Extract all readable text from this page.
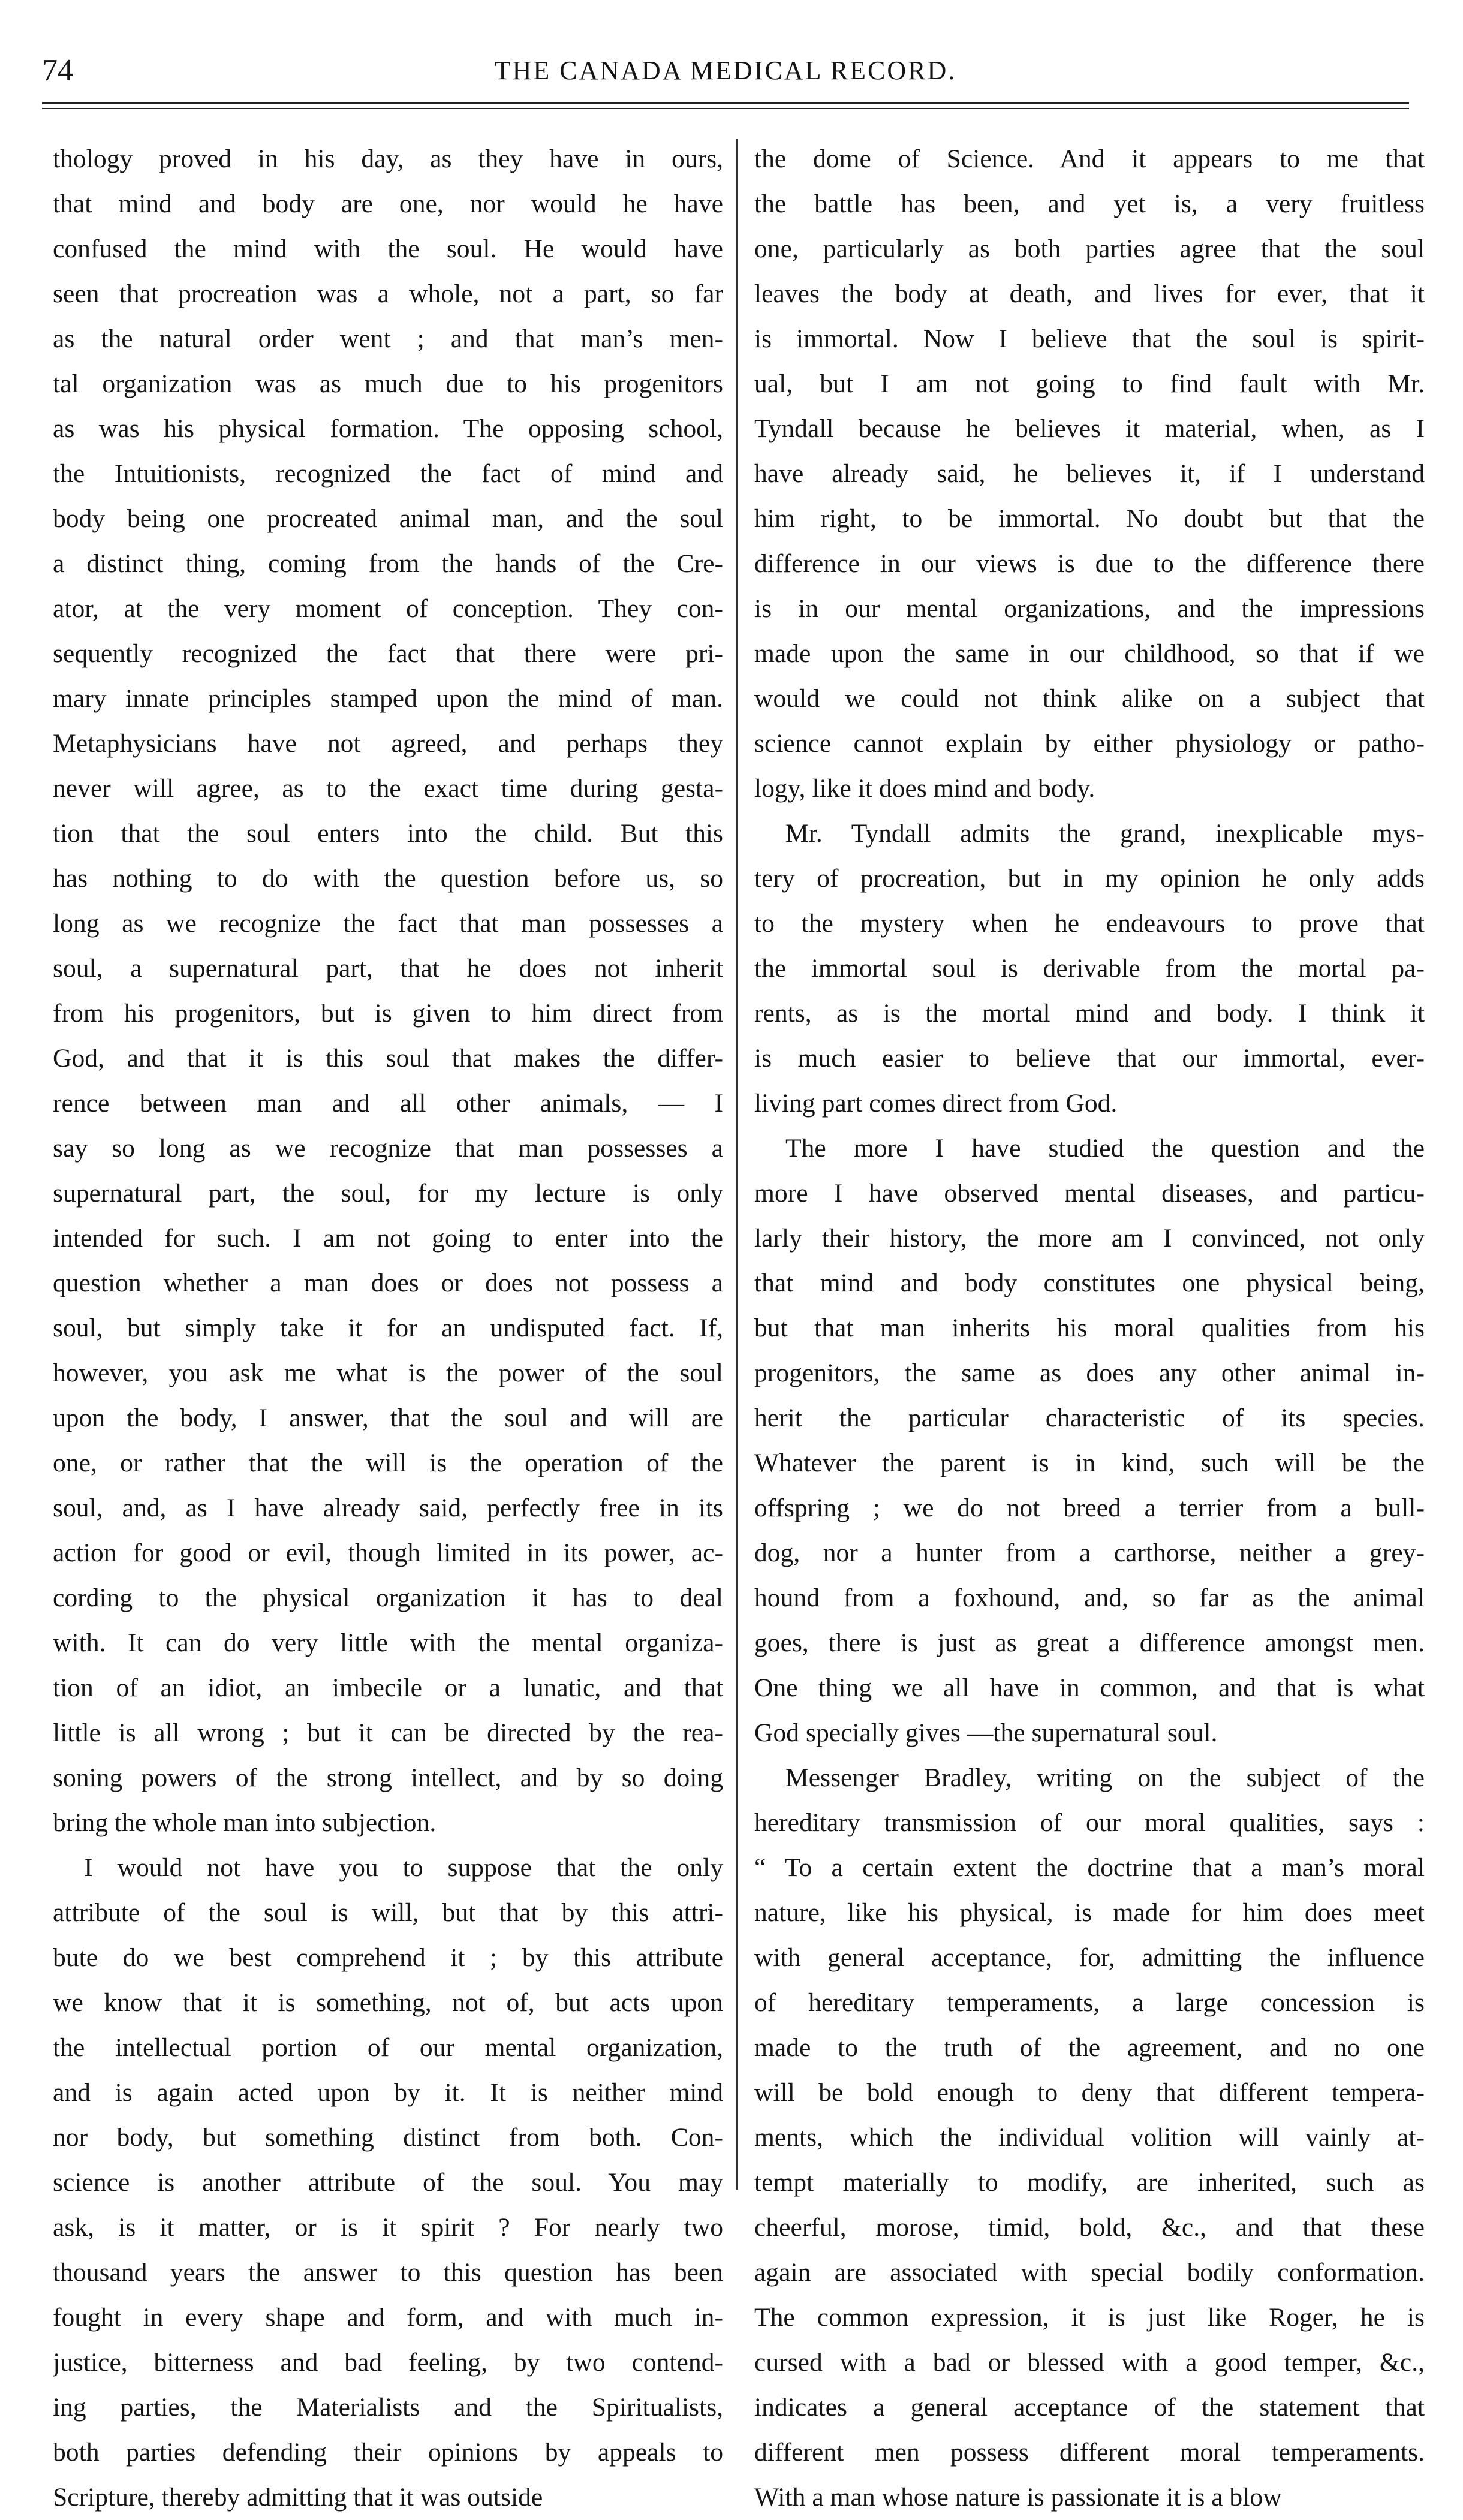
74	THE CANADA MEDICAL RECORD.

thology proved in his day, as they have in ours,
that mind and body are one, nor would he have
confused the mind with the soul. He would have
seen that procreation was a whole, not a part, so far
as the natural order went ; and that man’s men-
tal organization was as much due to his progenitors
as was his physical formation. The opposing school,
the Intuitionists, recognized the fact of mind and
body being one procreated animal man, and the soul
a distinct thing, coming from the hands of the Cre-
ator, at the very moment of conception. They con-
sequently recognized the fact that there were pri-
mary innate principles stamped upon the mind of man.
Metaphysicians have not agreed, and perhaps they
never will agree, as to the exact time during gesta-
tion that the soul enters into the child. But this
has nothing to do with the question before us, so
long as we recognize the fact that man possesses a
soul, a supernatural part, that he does not inherit
from his progenitors, but is given to him direct from
God, and that it is this soul that makes the differ-
rence between man and all other animals, — I
say so long as we recognize that man possesses a
supernatural part, the soul, for my lecture is only
intended for such. I am not going to enter into the
question whether a man does or does not possess a
soul, but simply take it for an undisputed fact. If,
however, you ask me what is the power of the soul
upon the body, I answer, that the soul and will are
one, or rather that the will is the operation of the
soul, and, as I have already said, perfectly free in its
action for good or evil, though limited in its power, ac-
cording to the physical organization it has to deal
with. It can do very little with the mental organiza-
tion of an idiot, an imbecile or a lunatic, and that
little is all wrong ; but it can be directed by the rea-
soning powers of the strong intellect, and by so doing
bring the whole man into subjection.

I would not have you to suppose that the only
attribute of the soul is will, but that by this attri-
bute do we best comprehend it ; by this attribute
we know that it is something, not of, but acts upon
the intellectual portion of our mental organization,
and is again acted upon by it. It is neither mind
nor body, but something distinct from both. Con-
science is another attribute of the soul. You may
ask, is it matter, or is it spirit ? For nearly two
thousand years the answer to this question has been
fought in every shape and form, and with much in-
justice, bitterness and bad feeling, by two contend-
ing parties, the Materialists and the Spiritualists,
both parties defending their opinions by appeals to
Scripture, thereby admitting that it was outside

the dome of Science. And it appears to me that
the battle has been, and yet is, a very fruitless
one, particularly as both parties agree that the soul
leaves the body at death, and lives for ever, that it
is immortal. Now I believe that the soul is spirit-
ual, but I am not going to find fault with Mr.
Tyndall because he believes it material, when, as I
have already said, he believes it, if I understand
him right, to be immortal. No doubt but that the
difference in our views is due to the difference there
is in our mental organizations, and the impressions
made upon the same in our childhood, so that if we
would we could not think alike on a subject that
science cannot explain by either physiology or patho-
logy, like it does mind and body.

Mr. Tyndall admits the grand, inexplicable mys-
tery of procreation, but in my opinion he only adds
to the mystery when he endeavours to prove that
the immortal soul is derivable from the mortal pa-
rents, as is the mortal mind and body. I think it
is much easier to believe that our immortal, ever-
living part comes direct from God.

The more I have studied the question and the
more I have observed mental diseases, and particu-
larly their history, the more am I convinced, not only
that mind and body constitutes one physical being,
but that man inherits his moral qualities from his
progenitors, the same as does any other animal in-
herit the particular characteristic of its species.
Whatever the parent is in kind, such will be the
offspring ; we do not breed a terrier from a bull-
dog, nor a hunter from a carthorse, neither a grey-
hound from a foxhound, and, so far as the animal
goes, there is just as great a difference amongst men.
One thing we all have in common, and that is what
God specially gives —the supernatural soul.

Messenger Bradley, writing on the subject of the
hereditary transmission of our moral qualities, says :
“ To a certain extent the doctrine that a man’s moral
nature, like his physical, is made for him does meet
with general acceptance, for, admitting the influence
of hereditary temperaments, a large concession is
made to the truth of the agreement, and no one
will be bold enough to deny that different tempera-
ments, which the individual volition will vainly at-
tempt materially to modify, are inherited, such as
cheerful, morose, timid, bold, &c., and that these
again are associated with special bodily conformation.
The common expression, it is just like Roger, he is
cursed with a bad or blessed with a good temper, &c.,
indicates a general acceptance of the statement that
different men possess different moral temperaments.
With a man whose nature is passionate it is a blow
